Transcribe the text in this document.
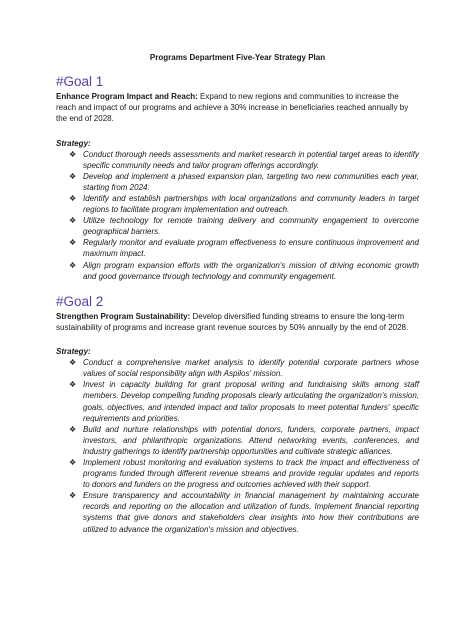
Programs Department Five-Year Strategy Plan
#Goal 1
Enhance Program Impact and Reach: Expand to new regions and communities to increase the reach and impact of our programs and achieve a 30% increase in beneficiaries reached annually by the end of 2028.
Strategy:
❖ Conduct thorough needs assessments and market research in potential target areas to identify specific community needs and tailor program offerings accordingly.
❖ Develop and implement a phased expansion plan, targeting two new communities each year, starting from 2024.
❖ Identify and establish partnerships with local organizations and community leaders in target regions to facilitate program implementation and outreach.
❖ Utilize technology for remote training delivery and community engagement to overcome geographical barriers.
❖ Regularly monitor and evaluate program effectiveness to ensure continuous improvement and maximum impact.
❖ Align program expansion efforts with the organization's mission of driving economic growth and good governance through technology and community engagement.
#Goal 2
Strengthen Program Sustainability: Develop diversified funding streams to ensure the long-term sustainability of programs and increase grant revenue sources by 50% annually by the end of 2028.
Strategy:
❖ Conduct a comprehensive market analysis to identify potential corporate partners whose values of social responsibility align with Aspilos' mission.
❖ Invest in capacity building for grant proposal writing and fundraising skills among staff members. Develop compelling funding proposals clearly articulating the organization's mission, goals, objectives, and intended impact and tailor proposals to meet potential funders' specific requirements and priorities.
❖ Build and nurture relationships with potential donors, funders, corporate partners, impact investors, and philanthropic organizations. Attend networking events, conferences, and industry gatherings to identify partnership opportunities and cultivate strategic alliances.
❖ Implement robust monitoring and evaluation systems to track the impact and effectiveness of programs funded through different revenue streams and provide regular updates and reports to donors and funders on the progress and outcomes achieved with their support.
❖ Ensure transparency and accountability in financial management by maintaining accurate records and reporting on the allocation and utilization of funds. Implement financial reporting systems that give donors and stakeholders clear insights into how their contributions are utilized to advance the organization's mission and objectives.
